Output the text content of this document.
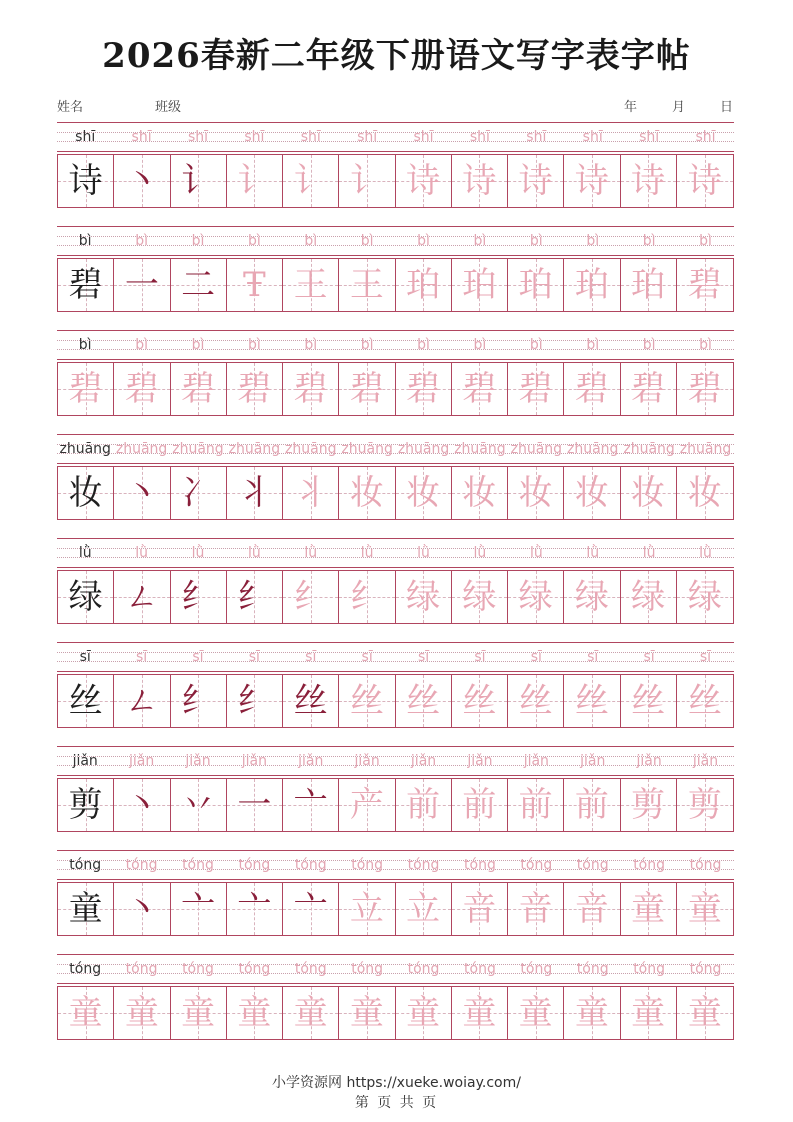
2026春新二年级下册语文写字表字帖
姓名	班级	年	月	日
shī	shī	shī	shī	shī	shī	shī	shī	shī	shī	shī	shī
诗 丶 讠 讠 讠 讠 诗 诗 诗 诗 诗 诗
bì	bì	bì	bì	bì	bì	bì	bì	bì	bì	bì	bì
碧 一 二 Ŧ 王 王 珀 珀 珀 珀 珀 碧
bì	bì	bì	bì	bì	bì	bì	bì	bì	bì	bì	bì
碧 碧 碧 碧 碧 碧 碧 碧 碧 碧 碧 碧
zhuāng zhuāng zhuāng zhuāng zhuāng zhuāng zhuāng zhuāng zhuāng zhuāng zhuāng zhuāng
妆 丶 冫 丬 丬 妆 妆 妆 妆 妆 妆 妆
lǜ	lǜ	lǜ	lǜ	lǜ	lǜ	lǜ	lǜ	lǜ	lǜ	lǜ	lǜ
绿 ㄥ 纟 纟 纟 纟 绿 绿 绿 绿 绿 绿
sī	sī	sī	sī	sī	sī	sī	sī	sī	sī	sī	sī
丝 ㄥ 纟 纟 丝 丝 丝 丝 丝 丝 丝 丝
jiǎn	jiǎn	jiǎn	jiǎn	jiǎn	jiǎn	jiǎn	jiǎn	jiǎn	jiǎn	jiǎn	jiǎn
剪 丶 丷 一 亠 产 前 前 前 前 剪 剪
tóng	tóng	tóng	tóng	tóng	tóng	tóng	tóng	tóng	tóng	tóng	tóng
童 丶 亠 亠 亠 立 立 音 音 音 童 童
tóng	tóng	tóng	tóng	tóng	tóng	tóng	tóng	tóng	tóng	tóng	tóng
童 童 童 童 童 童 童 童 童 童 童 童
小学资源网 https://xueke.woiay.com/
第 页 共 页
